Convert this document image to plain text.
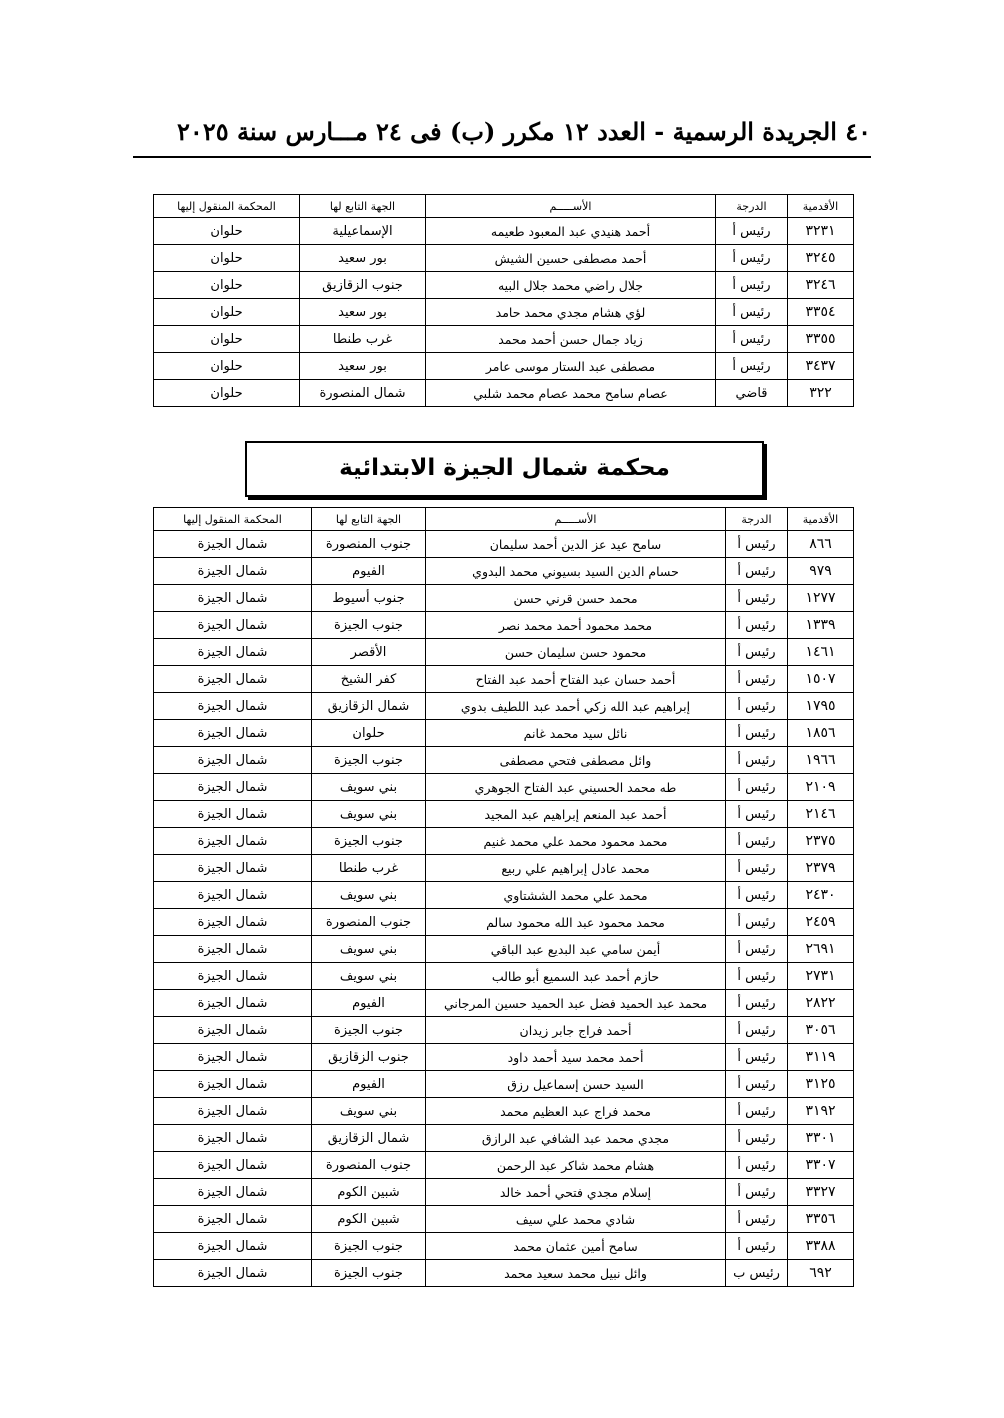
٤٠ الجريدة الرسمية - العدد ١٢ مكرر (ب) فى ٢٤ مـــارس سنة ٢٠٢٥
الأقدمية	الدرجة	الأســـــم	الجهة التابع لها	المحكمة المنقول إليها
٣٢٣١	رئيس أ	أحمد هنيدي عبد المعبود طعيمه	الإسماعيلية	حلوان
٣٢٤٥	رئيس أ	أحمد مصطفى حسين الشيش	بور سعيد	حلوان
٣٢٤٦	رئيس أ	جلال راضي محمد جلال البيه	جنوب الزقازيق	حلوان
٣٣٥٤	رئيس أ	لؤي هشام مجدي محمد حامد	بور سعيد	حلوان
٣٣٥٥	رئيس أ	زياد جمال حسن أحمد محمد	غرب طنطا	حلوان
٣٤٣٧	رئيس أ	مصطفى عبد الستار موسى عامر	بور سعيد	حلوان
٣٢٢	قاضي	عصام سامح محمد عصام محمد شلبي	شمال المنصورة	حلوان
محكمة شمال الجيزة الابتدائية
الأقدمية	الدرجة	الأســـــم	الجهة التابع لها	المحكمة المنقول إليها
٨٦٦	رئيس أ	سامح عيد عز الدين أحمد سليمان	جنوب المنصورة	شمال الجيزة
٩٧٩	رئيس أ	حسام الدين السيد بسيوني محمد البدوي	الفيوم	شمال الجيزة
١٢٧٧	رئيس أ	محمد حسن قرني حسن	جنوب أسيوط	شمال الجيزة
١٣٣٩	رئيس أ	محمد محمود أحمد محمد نصر	جنوب الجيزة	شمال الجيزة
١٤٦١	رئيس أ	محمود حسن سليمان حسن	الأقصر	شمال الجيزة
١٥٠٧	رئيس أ	أحمد حسان عبد الفتاح أحمد عبد الفتاح	كفر الشيخ	شمال الجيزة
١٧٩٥	رئيس أ	إبراهيم عبد الله زكي أحمد عبد اللطيف بدوي	شمال الزقازيق	شمال الجيزة
١٨٥٦	رئيس أ	نائل سيد محمد غانم	حلوان	شمال الجيزة
١٩٦٦	رئيس أ	وائل مصطفى فتحي مصطفى	جنوب الجيزة	شمال الجيزة
٢١٠٩	رئيس أ	طه محمد الحسيني عبد الفتاح الجوهري	بني سويف	شمال الجيزة
٢١٤٦	رئيس أ	أحمد عبد المنعم إبراهيم عبد المجيد	بني سويف	شمال الجيزة
٢٣٧٥	رئيس أ	محمد محمود محمد علي محمد غنيم	جنوب الجيزة	شمال الجيزة
٢٣٧٩	رئيس أ	محمد عادل إبراهيم علي ربيع	غرب طنطا	شمال الجيزة
٢٤٣٠	رئيس أ	محمد علي محمد الششتاوي	بني سويف	شمال الجيزة
٢٤٥٩	رئيس أ	محمد محمود عبد الله محمود سالم	جنوب المنصورة	شمال الجيزة
٢٦٩١	رئيس أ	أيمن سامي عبد البديع عبد الباقي	بني سويف	شمال الجيزة
٢٧٣١	رئيس أ	حازم أحمد عبد السميع أبو طالب	بني سويف	شمال الجيزة
٢٨٢٢	رئيس أ	محمد عبد الحميد فضل عبد الحميد حسين المرجاني	الفيوم	شمال الجيزة
٣٠٥٦	رئيس أ	أحمد فراج جابر زيدان	جنوب الجيزة	شمال الجيزة
٣١١٩	رئيس أ	أحمد محمد سيد أحمد داود	جنوب الزقازيق	شمال الجيزة
٣١٢٥	رئيس أ	السيد حسن إسماعيل رزق	الفيوم	شمال الجيزة
٣١٩٢	رئيس أ	محمد فراج عبد العظيم محمد	بني سويف	شمال الجيزة
٣٣٠١	رئيس أ	مجدي محمد عبد الشافي عبد الرازق	شمال الزقازيق	شمال الجيزة
٣٣٠٧	رئيس أ	هشام محمد شاكر عبد الرحمن	جنوب المنصورة	شمال الجيزة
٣٣٢٧	رئيس أ	إسلام مجدي فتحي أحمد خالد	شبين الكوم	شمال الجيزة
٣٣٥٦	رئيس أ	شادي محمد علي سيف	شبين الكوم	شمال الجيزة
٣٣٨٨	رئيس أ	سامح أمين عثمان محمد	جنوب الجيزة	شمال الجيزة
٦٩٢	رئيس ب	وائل نبيل محمد سعيد محمد	جنوب الجيزة	شمال الجيزة
